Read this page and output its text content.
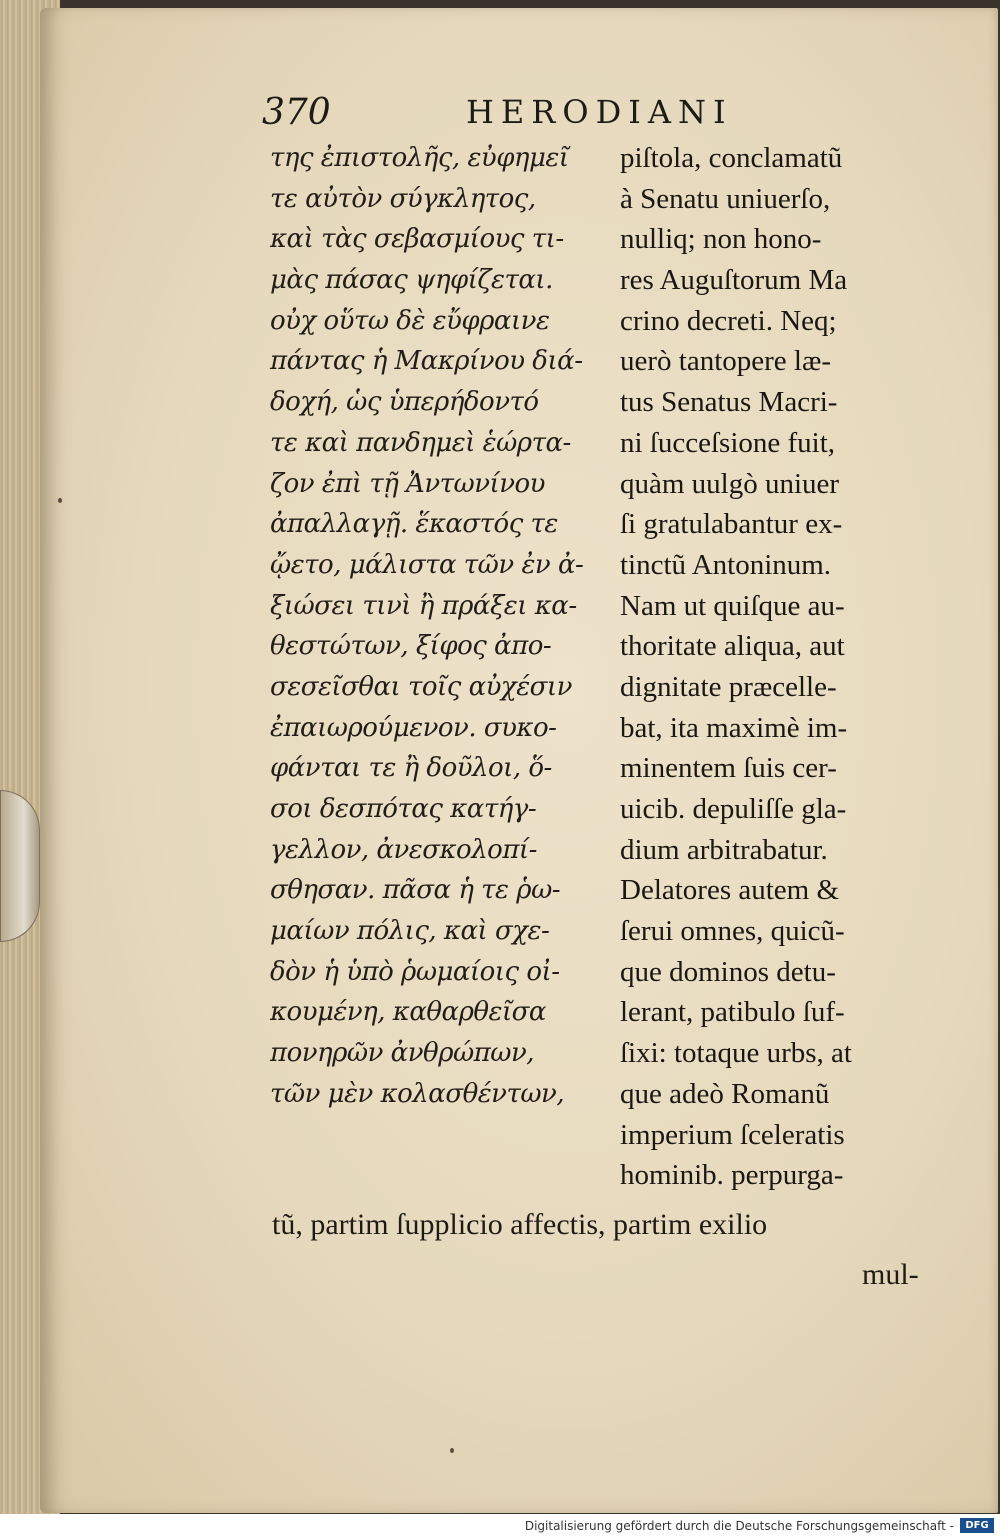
370	HERODIANI
της ἐπιστολῆς, εὐφημεῖ
τε αὐτὸν σύγκλητος,
καὶ τὰς σεβασμίους τι-
μὰς πάσας ψηφίζεται.
οὐχ οὕτω δὲ εὔφραινε
πάντας ἡ Μακρίνου διά-
δοχή, ὡς ὑπερήδοντό
τε καὶ πανδημεὶ ἑώρτα-
ζον ἐπὶ τῇ Ἀντωνίνου
ἀπαλλαγῇ. ἕκαστός τε
ᾤετο, μάλιστα τῶν ἐν ἀ-
ξιώσει τινὶ ἢ πράξει κα-
θεστώτων, ξίφος ἀπο-
σεσεῖσθαι τοῖς αὐχέσιν
ἐπαιωρούμενον. συκο-
φάνται τε ἢ δοῦλοι, ὅ-
σοι δεσπότας κατήγ-
γελλον, ἀνεσκολοπί-
σθησαν. πᾶσα ἡ τε ῥω-
μαίων πόλις, καὶ σχε-
δὸν ἡ ὑπὸ ῥωμαίοις οἰ-
κουμένη, καθαρθεῖσα
πονηρῶν ἀνθρώπων,
τῶν μὲν κολασθέντων,
piſtola, conclamatũ
à Senatu uniuerſo,
nulliq; non hono-
res Auguſtorum Ma
crino decreti. Neq;
uerò tantopere læ-
tus Senatus Macri-
ni ſucceſsione fuit,
quàm uulgò uniuer
ſi gratulabantur ex-
tinctũ Antoninum.
Nam ut quiſque au-
thoritate aliqua, aut
dignitate præcelle-
bat, ita maximè im-
minentem ſuis cer-
uicib. depuliſſe gla-
dium arbitrabatur.
Delatores autem &
ſerui omnes, quicũ-
que dominos detu-
lerant, patibulo ſuf-
ſixi: totaque urbs, at
que adeò Romanũ
imperium ſceleratis
hominib. perpurga-
tũ, partim ſupplicio affectis, partim exilio
mul-
Digitalisierung gefördert durch die Deutsche Forschungsgemeinschaft -	DFG
